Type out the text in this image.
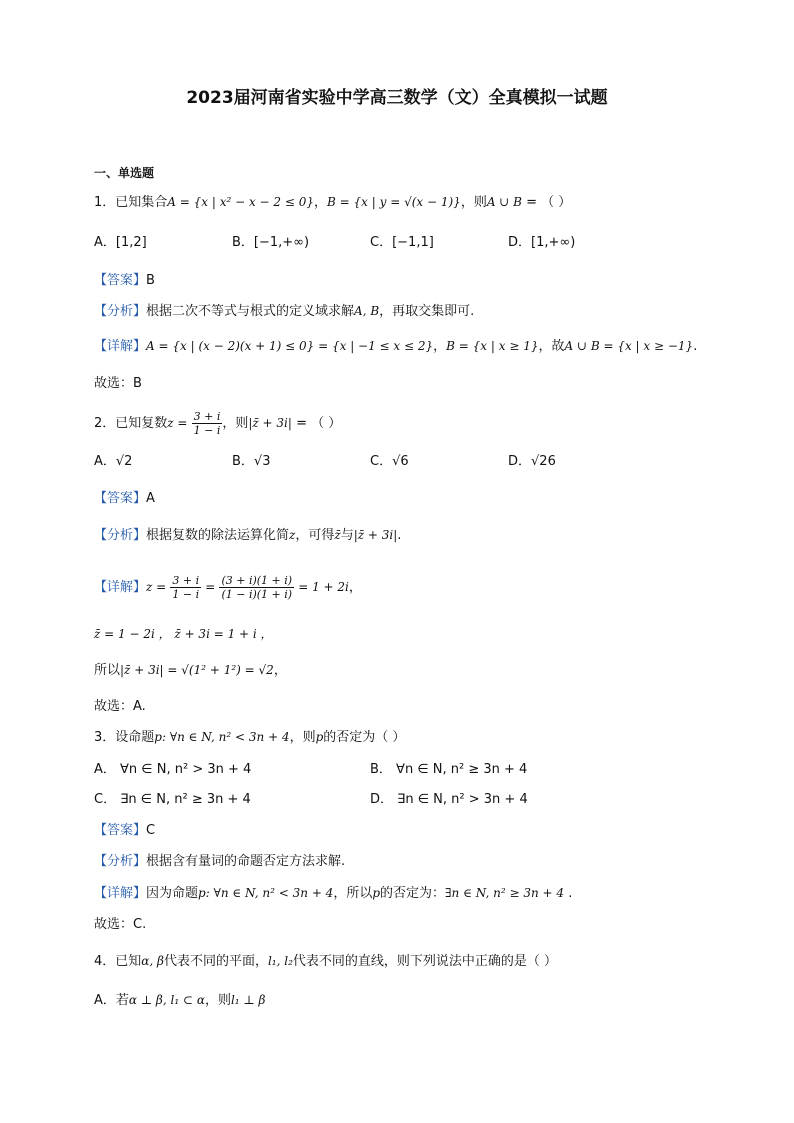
2023届河南省实验中学高三数学（文）全真模拟一试题
一、单选题
1．已知集合A = {x | x² − x − 2 ≤ 0}，B = {x | y = √(x − 1)}，则A ∪ B = （ ）
A．[1,2]	B．[−1,+∞)	C．[−1,1]	D．[1,+∞)
【答案】B
【分析】根据二次不等式与根式的定义域求解A, B，再取交集即可.
【详解】A = {x | (x − 2)(x + 1) ≤ 0} = {x | −1 ≤ x ≤ 2}，B = {x | x ≥ 1}，故A ∪ B = {x | x ≥ −1}.
故选：B
2．已知复数$z = \frac{3 + i}{1 - i}$ ，则|z̄ + 3i| = （ ）
A．√2	B．√3	C．√6	D．√26
【答案】A
【分析】根据复数的除法运算化简z，可得z̄与|z̄ + 3i|.
【详解】$z = \frac{3 + i}{1 - i} = \frac{(3 + i)(1 + i)}{(1 - i)(1 + i)} = 1 + 2i$，
z̄ = 1 − 2i ， z̄ + 3i = 1 + i ，
所以|z̄ + 3i| = √(1² + 1²) = √2，
故选：A.
3．设命题p: ∀n ∈ N, n² < 3n + 4，则p的否定为（ ）
A． ∀n ∈ N, n² > 3n + 4	B． ∀n ∈ N, n² ≥ 3n + 4
C． ∃n ∈ N, n² ≥ 3n + 4	D． ∃n ∈ N, n² > 3n + 4
【答案】C
【分析】根据含有量词的命题否定方法求解.
【详解】因为命题p: ∀n ∈ N, n² < 3n + 4，所以p的否定为：∃n ∈ N, n² ≥ 3n + 4 .
故选：C.
4．已知α, β代表不同的平面，l₁, l₂代表不同的直线，则下列说法中正确的是（ ）
A．若α ⊥ β, l₁ ⊂ α，则l₁ ⊥ β
